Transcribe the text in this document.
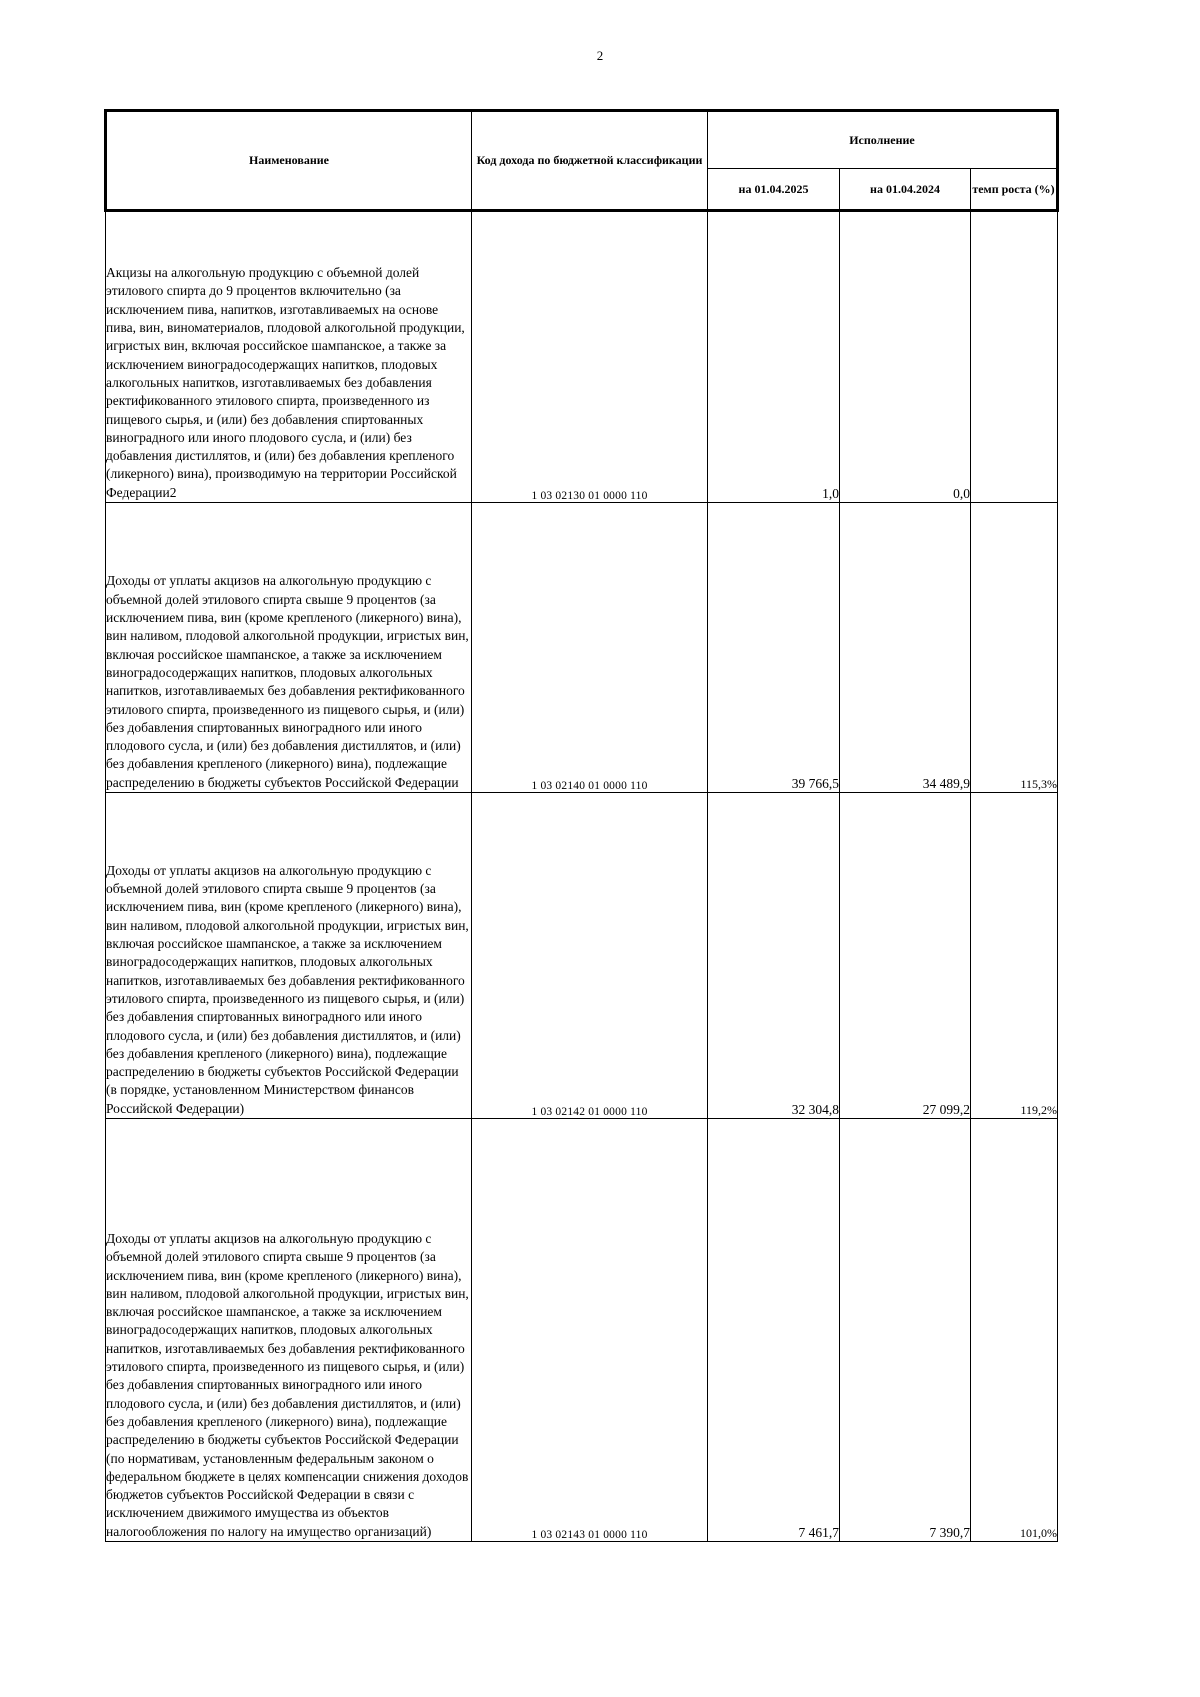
2
Наименование	Код дохода по бюджетной классификации	Исполнение		
		на 01.04.2025	на 01.04.2024	темп роста (%)
Акцизы на алкогольную продукцию с объемной долей этилового спирта до 9 процентов включительно (за исключением пива, напитков, изготавливаемых на основе пива, вин, виноматериалов, плодовой алкогольной продукции, игристых вин, включая российское шампанское, а также за исключением виноградосодержащих напитков, плодовых алкогольных напитков, изготавливаемых без добавления ректификованного этилового спирта, произведенного из пищевого сырья, и (или) без добавления спиртованных виноградного или иного плодового сусла, и (или) без добавления дистиллятов, и (или) без добавления крепленого (ликерного) вина), производимую на территории Российской Федерации2	1 03 02130 01 0000 110	1,0	0,0	
Доходы от уплаты акцизов на алкогольную продукцию с объемной долей этилового спирта свыше 9 процентов (за исключением пива, вин (кроме крепленого (ликерного) вина), вин наливом, плодовой алкогольной продукции, игристых вин, включая российское шампанское, а также за исключением виноградосодержащих напитков, плодовых алкогольных напитков, изготавливаемых без добавления ректификованного этилового спирта, произведенного из пищевого сырья, и (или) без добавления спиртованных виноградного или иного плодового сусла, и (или) без добавления дистиллятов, и (или) без добавления крепленого (ликерного) вина), подлежащие распределению в бюджеты субъектов Российской Федерации	1 03 02140 01 0000 110	39 766,5	34 489,9	115,3%
Доходы от уплаты акцизов на алкогольную продукцию с объемной долей этилового спирта свыше 9 процентов (за исключением пива, вин (кроме крепленого (ликерного) вина), вин наливом, плодовой алкогольной продукции, игристых вин, включая российское шампанское, а также за исключением виноградосодержащих напитков, плодовых алкогольных напитков, изготавливаемых без добавления ректификованного этилового спирта, произведенного из пищевого сырья, и (или) без добавления спиртованных виноградного или иного плодового сусла, и (или) без добавления дистиллятов, и (или) без добавления крепленого (ликерного) вина), подлежащие распределению в бюджеты субъектов Российской Федерации (в порядке, установленном Министерством финансов Российской Федерации)	1 03 02142 01 0000 110	32 304,8	27 099,2	119,2%
Доходы от уплаты акцизов на алкогольную продукцию с объемной долей этилового спирта свыше 9 процентов (за исключением пива, вин (кроме крепленого (ликерного) вина), вин наливом, плодовой алкогольной продукции, игристых вин, включая российское шампанское, а также за исключением виноградосодержащих напитков, плодовых алкогольных напитков, изготавливаемых без добавления ректификованного этилового спирта, произведенного из пищевого сырья, и (или) без добавления спиртованных виноградного или иного плодового сусла, и (или) без добавления дистиллятов, и (или) без добавления крепленого (ликерного) вина), подлежащие распределению в бюджеты субъектов Российской Федерации (по нормативам, установленным федеральным законом о федеральном бюджете в целях компенсации снижения доходов бюджетов субъектов Российской Федерации в связи с исключением движимого имущества из объектов налогообложения по налогу на имущество организаций)	1 03 02143 01 0000 110	7 461,7	7 390,7	101,0%
